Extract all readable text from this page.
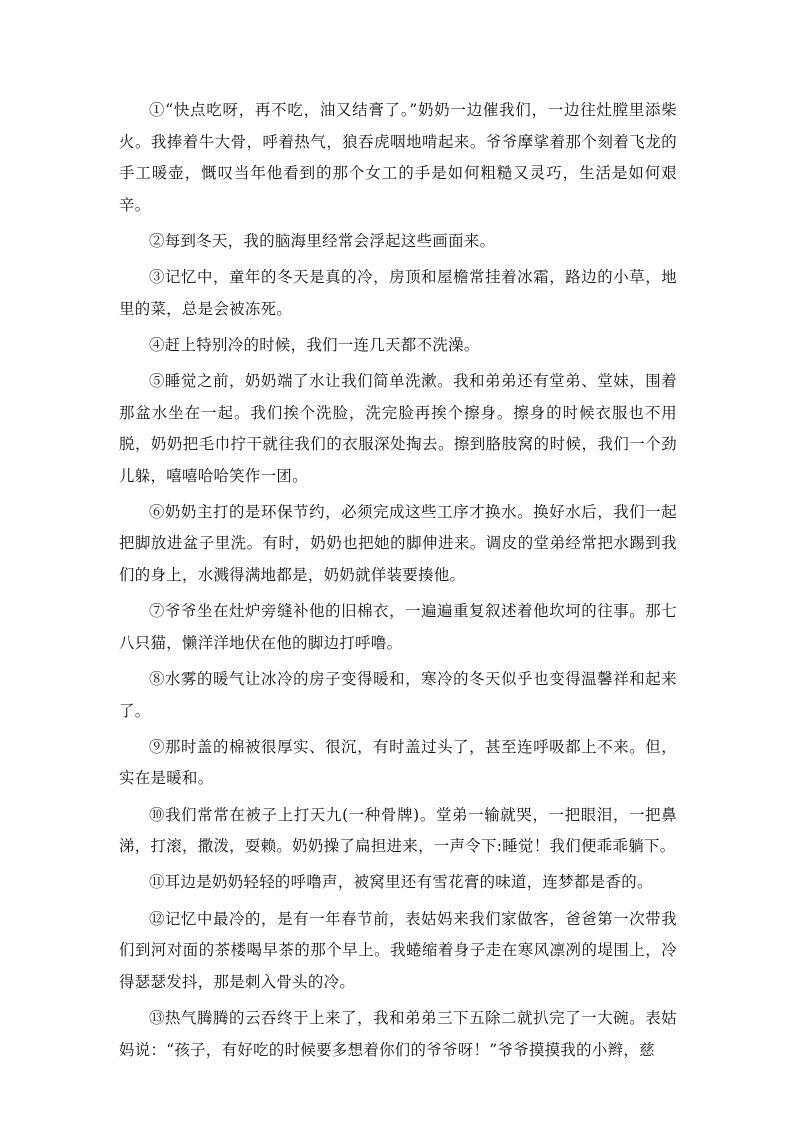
①“快点吃呀，再不吃，油又结膏了。”奶奶一边催我们，一边往灶膛里添柴火。我捧着牛大骨，呼着热气，狼吞虎咽地啃起来。爷爷摩挲着那个刻着飞龙的手工暖壶，慨叹当年他看到的那个女工的手是如何粗糙又灵巧，生活是如何艰辛。

②每到冬天，我的脑海里经常会浮起这些画面来。

③记忆中，童年的冬天是真的冷，房顶和屋檐常挂着冰霜，路边的小草，地里的菜，总是会被冻死。

④赶上特别冷的时候，我们一连几天都不洗澡。

⑤睡觉之前，奶奶端了水让我们简单洗漱。我和弟弟还有堂弟、堂妹，围着那盆水坐在一起。我们挨个洗脸，洗完脸再挨个擦身。擦身的时候衣服也不用脱，奶奶把毛巾拧干就往我们的衣服深处掏去。擦到胳肢窝的时候，我们一个劲儿躲，嘻嘻哈哈笑作一团。

⑥奶奶主打的是环保节约，必须完成这些工序才换水。换好水后，我们一起把脚放进盆子里洗。有时，奶奶也把她的脚伸进来。调皮的堂弟经常把水踢到我们的身上，水溅得满地都是，奶奶就佯装要揍他。

⑦爷爷坐在灶炉旁缝补他的旧棉衣，一遍遍重复叙述着他坎坷的往事。那七八只猫，懒洋洋地伏在他的脚边打呼噜。

⑧水雾的暖气让冰冷的房子变得暖和，寒冷的冬天似乎也变得温馨祥和起来了。

⑨那时盖的棉被很厚实、很沉，有时盖过头了，甚至连呼吸都上不来。但，实在是暖和。

⑩我们常常在被子上打天九(一种骨牌)。堂弟一输就哭，一把眼泪，一把鼻涕，打滚，撒泼，耍赖。奶奶操了扁担进来，一声令下:睡觉！我们便乖乖躺下。

⑪耳边是奶奶轻轻的呼噜声，被窝里还有雪花膏的味道，连梦都是香的。

⑫记忆中最冷的，是有一年春节前，表姑妈来我们家做客，爸爸第一次带我们到河对面的茶楼喝早茶的那个早上。我蜷缩着身子走在寒风凛冽的堤围上，冷得瑟瑟发抖，那是刺入骨头的冷。

⑬热气腾腾的云吞终于上来了，我和弟弟三下五除二就扒完了一大碗。表姑妈说：“孩子，有好吃的时候要多想着你们的爷爷呀！”爷爷摸摸我的小辫，慈
